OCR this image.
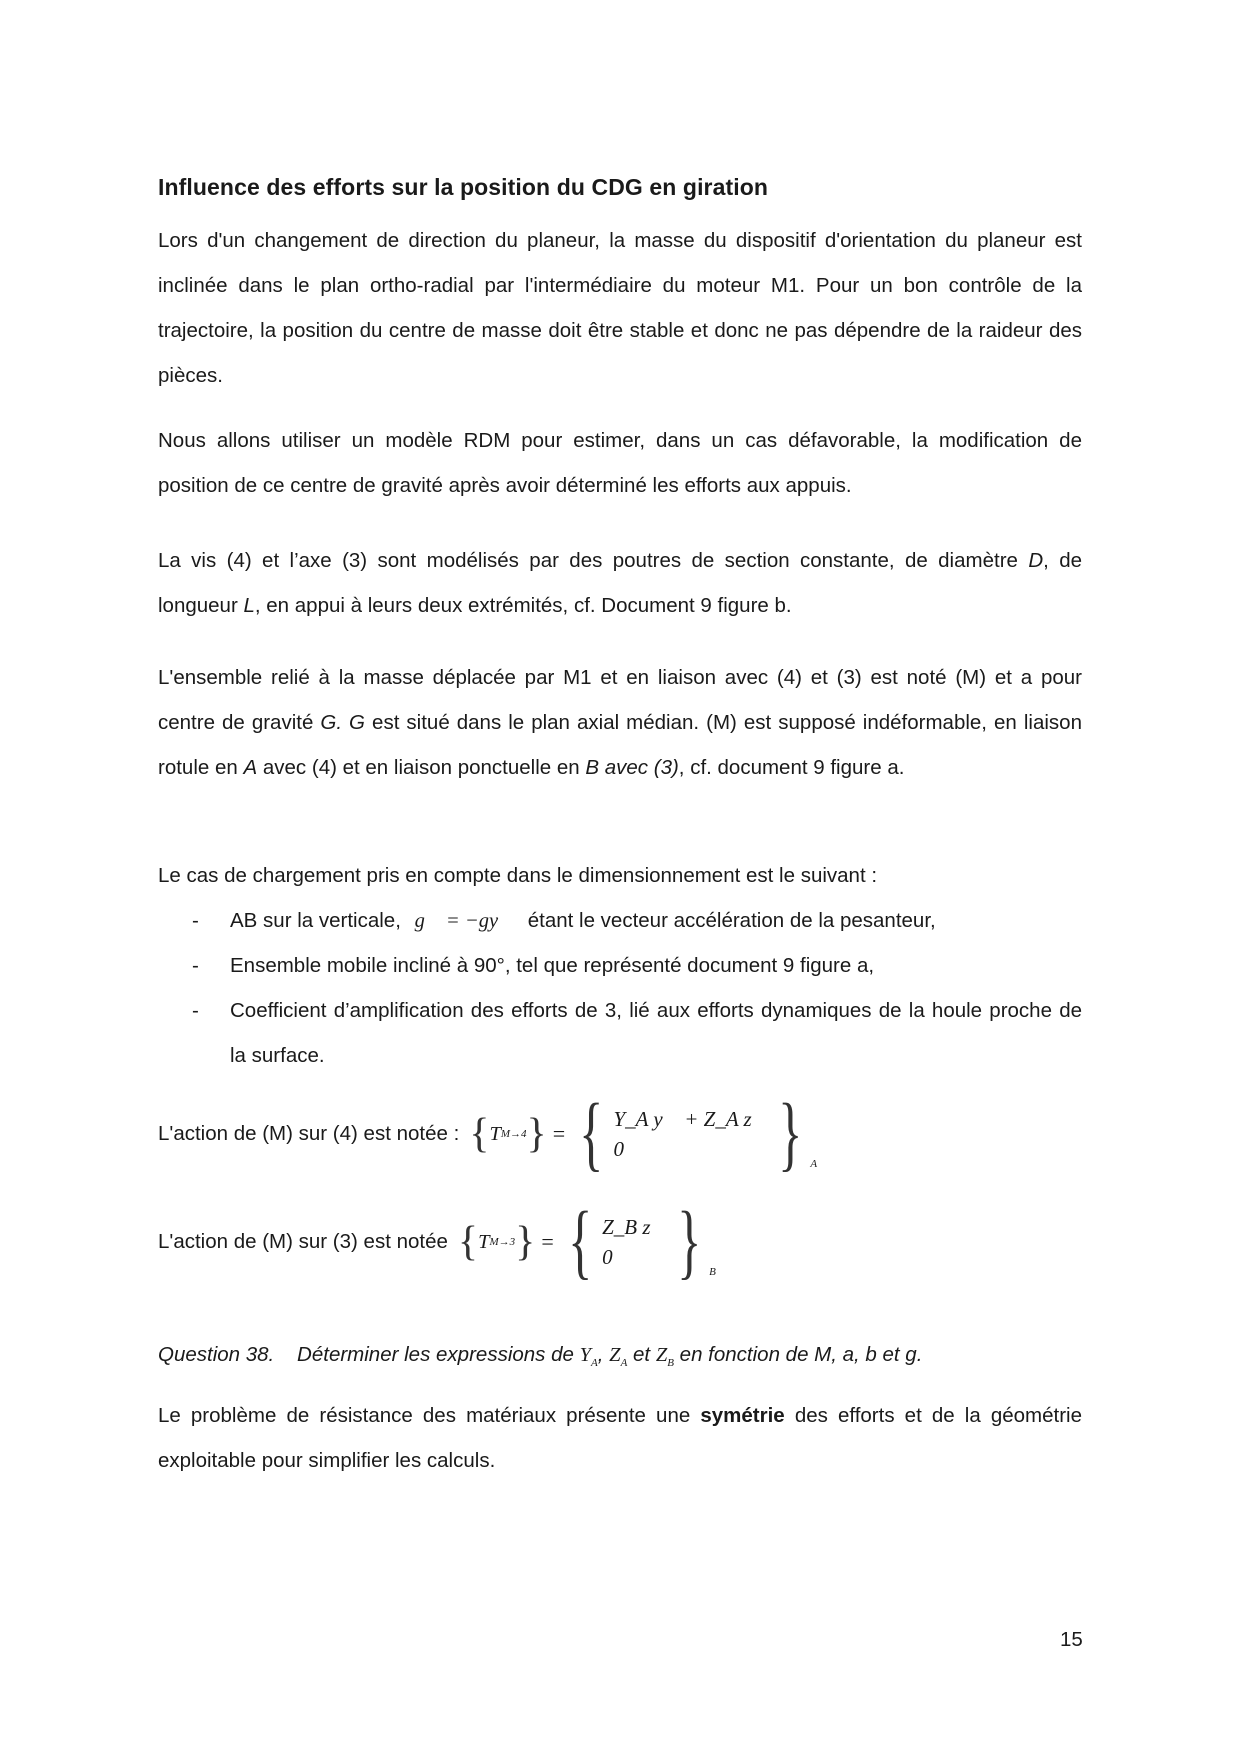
Influence des efforts sur la position du CDG en giration
Lors d'un changement de direction du planeur, la masse du dispositif d'orientation du planeur est inclinée dans le plan ortho-radial par l'intermédiaire du moteur M1. Pour un bon contrôle de la trajectoire, la position du centre de masse doit être stable et donc ne pas dépendre de la raideur des pièces.
Nous allons utiliser un modèle RDM pour estimer, dans un cas défavorable, la modification de position de ce centre de gravité après avoir déterminé les efforts aux appuis.
La vis (4) et l’axe (3) sont modélisés par des poutres de section constante, de diamètre D, de longueur L, en appui à leurs deux extrémités, cf. Document 9 figure b.
L'ensemble relié à la masse déplacée par M1 et en liaison avec (4) et (3) est noté (M) et a pour centre de gravité G. G est situé dans le plan axial médian. (M) est supposé indéformable, en liaison rotule en A avec (4) et en liaison ponctuelle en B avec (3), cf. document 9 figure a.
Le cas de chargement pris en compte dans le dimensionnement est le suivant :
-	AB sur la verticale, g⃗ = −gy⃗ étant le vecteur accélération de la pesanteur,
-	Ensemble mobile incliné à 90°, tel que représenté document 9 figure a,
-	Coefficient d’amplification des efforts de 3, lié aux efforts dynamiques de la houle proche de la surface.
L'action de (M) sur (4) est notée : { T M→4 } = { Y_A y⃗ + Z_A z⃗
0⃗	} A
L'action de (M) sur (3) est notée { T M→3 } = { Z_B z⃗
0⃗ } B
Question 38. Déterminer les expressions de $Y_A$, $Z_A$ et $Z_B$ en fonction de M, a, b et g.
Le problème de résistance des matériaux présente une symétrie des efforts et de la géométrie exploitable pour simplifier les calculs.
15
